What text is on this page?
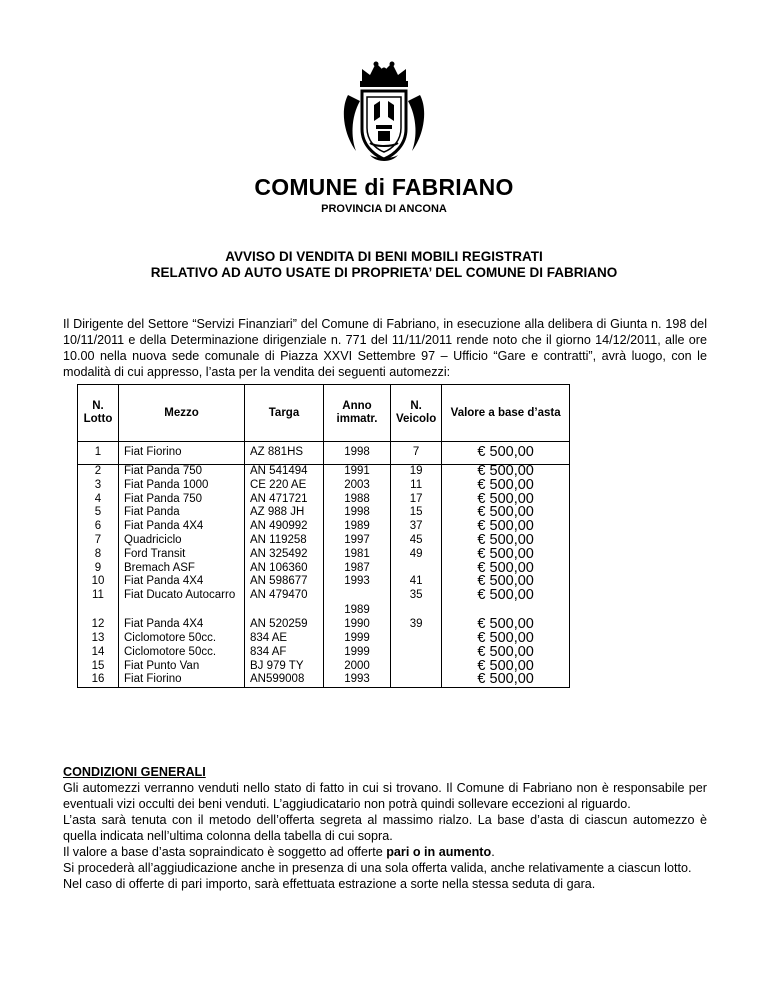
COMUNE di FABRIANO
PROVINCIA DI ANCONA
AVVISO DI VENDITA DI BENI MOBILI REGISTRATI
RELATIVO AD AUTO USATE DI PROPRIETA’ DEL COMUNE DI FABRIANO
Il Dirigente del Settore “Servizi Finanziari” del Comune di Fabriano, in esecuzione alla delibera di Giunta n. 198 del 10/11/2011 e della Determinazione dirigenziale n. 771 del 11/11/2011 rende noto che il giorno 14/12/2011, alle ore 10.00 nella nuova sede comunale di Piazza XXVI Settembre 97 – Ufficio “Gare e contratti”, avrà luogo, con le modalità di cui appresso, l’asta per la vendita dei seguenti automezzi:
N. Lotto	Mezzo	Targa	Anno immatr.	N. Veicolo	Valore a base d’asta
1	Fiat Fiorino	AZ 881HS	1998	7	€ 500,00
2	Fiat Panda 750	AN 541494	1991	19	€ 500,00
3	Fiat Panda 1000	CE 220 AE	2003	11	€ 500,00
4	Fiat Panda 750	AN 471721	1988	17	€ 500,00
5	Fiat Panda	AZ 988 JH	1998	15	€ 500,00
6	Fiat Panda 4X4	AN 490992	1989	37	€ 500,00
7	Quadriciclo	AN 119258	1997	45	€ 500,00
8	Ford Transit	AN 325492	1981	49	€ 500,00
9	Bremach ASF	AN 106360	1987		€ 500,00
10	Fiat Panda 4X4	AN 598677	1993	41	€ 500,00
11	Fiat Ducato Autocarro	AN 479470	1989	35	€ 500,00
12	Fiat Panda 4X4	AN 520259	1990	39	€ 500,00
13	Ciclomotore 50cc.	834 AE	1999		€ 500,00
14	Ciclomotore 50cc.	834 AF	1999		€ 500,00
15	Fiat Punto Van	BJ 979 TY	2000		€ 500,00
16	Fiat Fiorino	AN599008	1993		€ 500,00
CONDIZIONI GENERALI

Gli automezzi verranno venduti nello stato di fatto in cui si trovano. Il Comune di Fabriano non è responsabile per eventuali vizi occulti dei beni venduti. L’aggiudicatario non potrà quindi sollevare eccezioni al riguardo.

L’asta sarà tenuta con il metodo dell’offerta segreta al massimo rialzo. La base d’asta di ciascun automezzo è quella indicata nell’ultima colonna della tabella di cui sopra.

Il valore a base d’asta sopraindicato è soggetto ad offerte pari o in aumento.

Si procederà all’aggiudicazione anche in presenza di una sola offerta valida, anche relativamente a ciascun lotto.

Nel caso di offerte di pari importo, sarà effettuata estrazione a sorte nella stessa seduta di gara.
